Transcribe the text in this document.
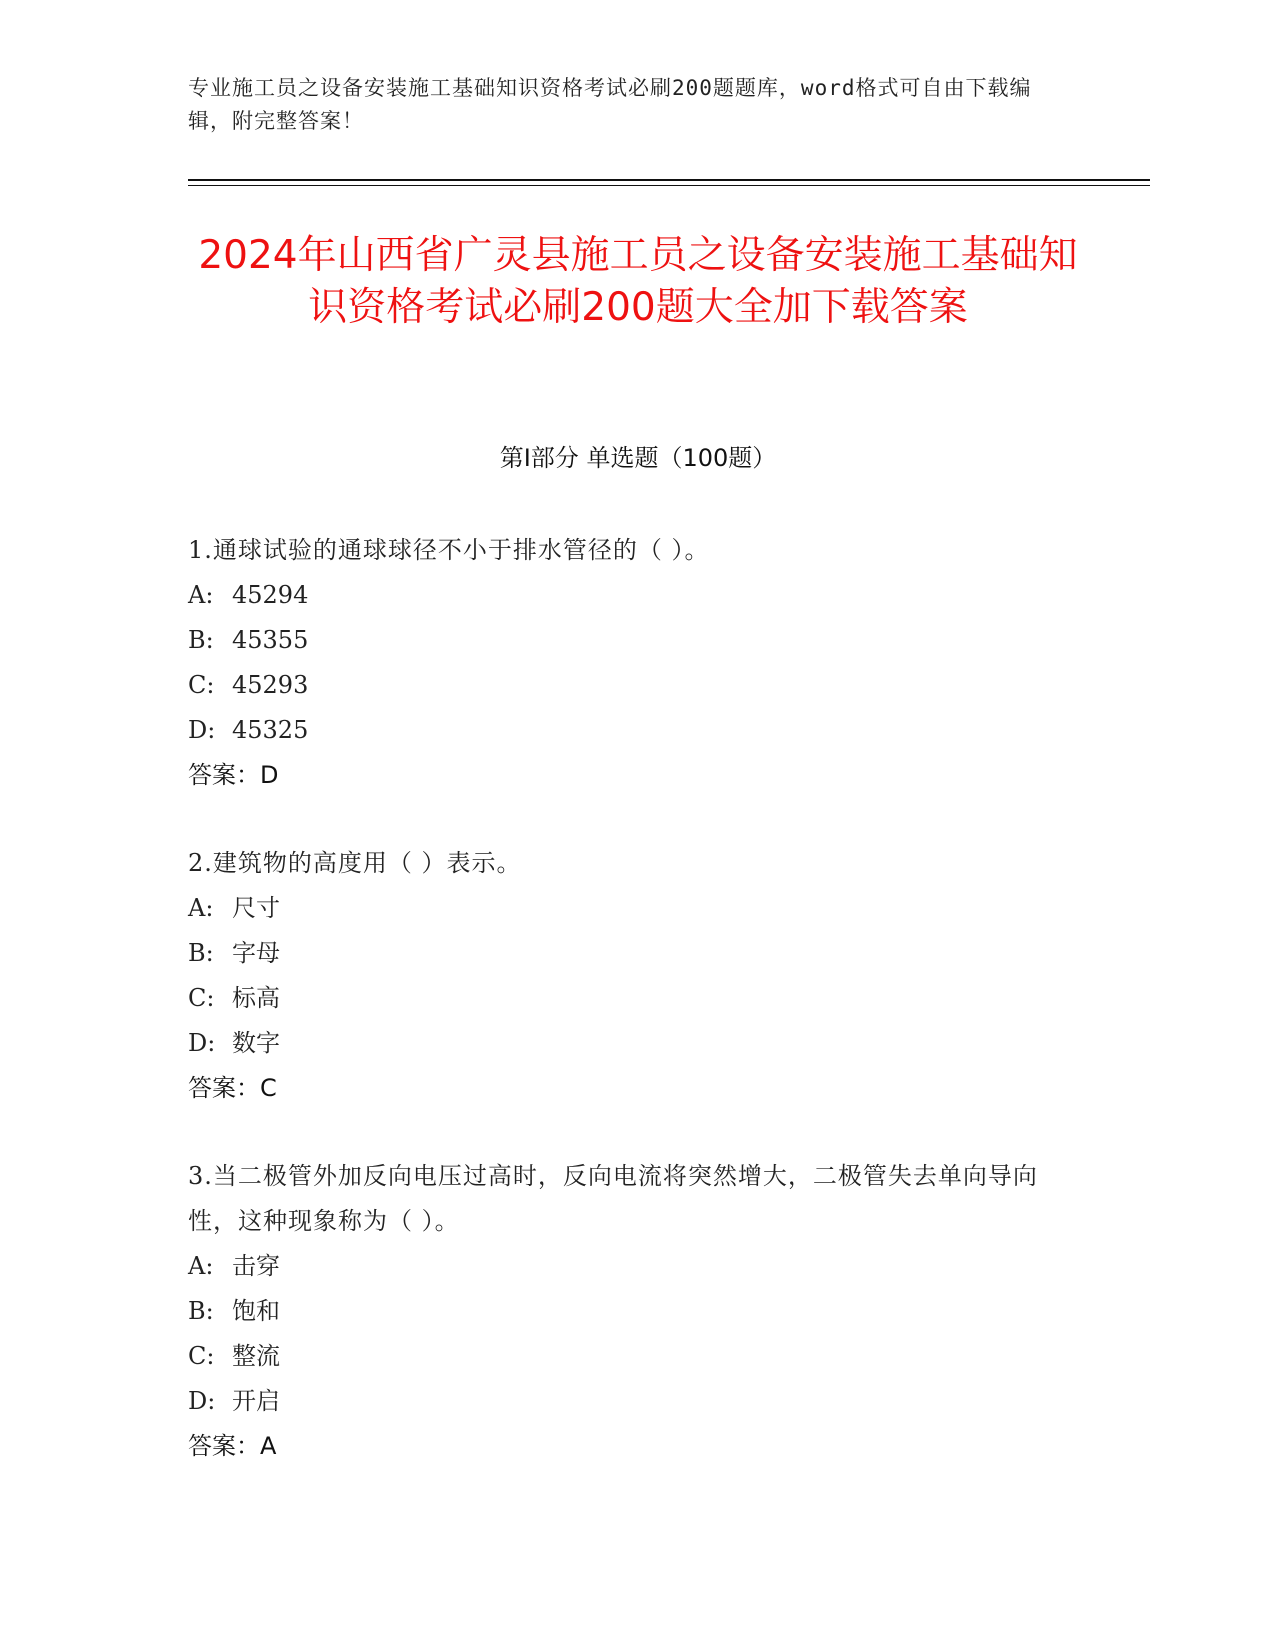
专业施工员之设备安装施工基础知识资格考试必刷200题题库，word格式可自由下载编辑，附完整答案！
2024年山西省广灵县施工员之设备安装施工基础知识资格考试必刷200题大全加下载答案
第Ⅰ部分 单选题（100题）
1.通球试验的通球球径不小于排水管径的（ ）。
A: 45294
B: 45355
C: 45293
D: 45325
答案：D
2.建筑物的高度用（ ）表示。
A: 尺寸
B: 字母
C: 标高
D: 数字
答案：C
3.当二极管外加反向电压过高时，反向电流将突然增大，二极管失去单向导向性，这种现象称为（ ）。
A: 击穿
B: 饱和
C: 整流
D: 开启
答案：A
